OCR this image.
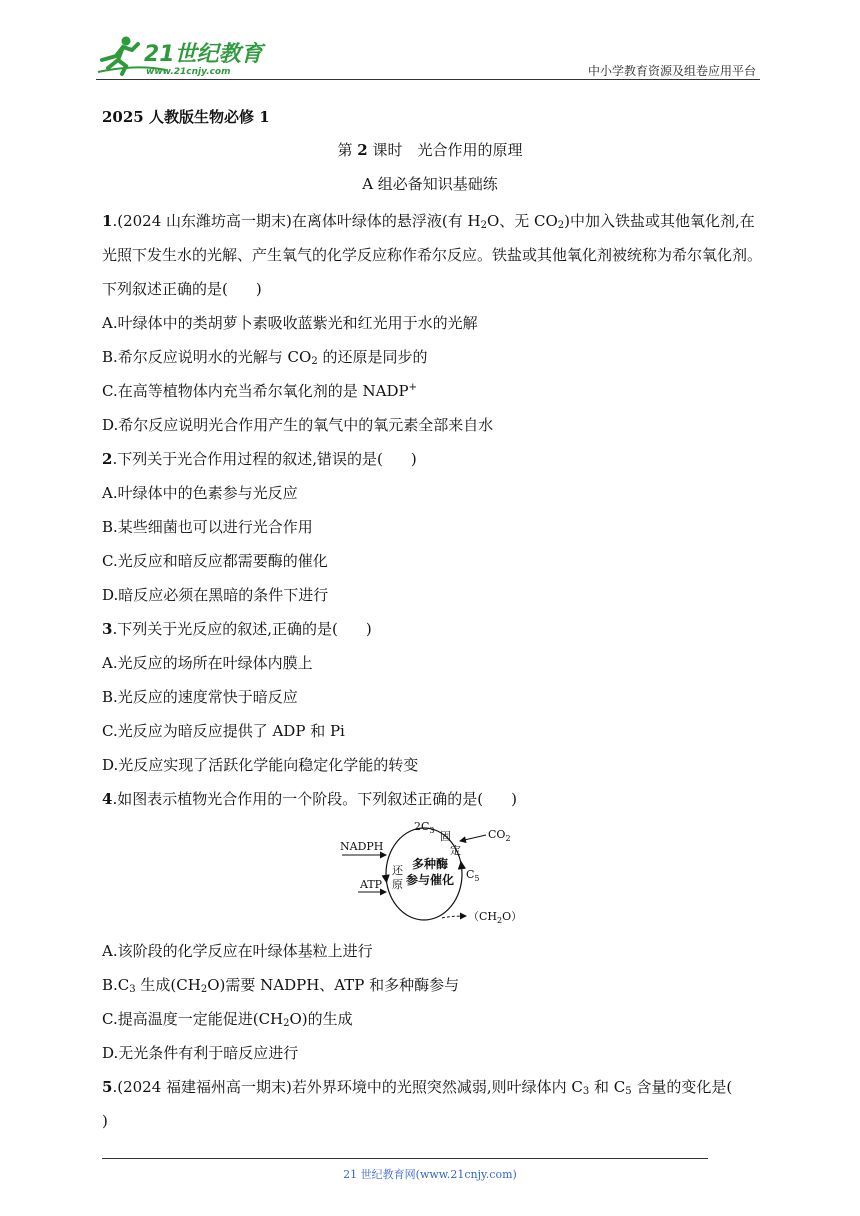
21世纪教育
www.21cnjy.com	中小学教育资源及组卷应用平台
2025 人教版生物必修 1
第 2 课时　光合作用的原理
A 组必备知识基础练

1.(2024 山东潍坊高一期末)在离体叶绿体的悬浮液(有 $H_2O$、无 $CO_2$)中加入铁盐或其他氧化剂,在光照下发生水的光解、产生氧气的化学反应称作希尔反应。铁盐或其他氧化剂被统称为希尔氧化剂。下列叙述正确的是( )

A.叶绿体中的类胡萝卜素吸收蓝紫光和红光用于水的光解

B.希尔反应说明水的光解与 $CO_2$ 的还原是同步的

C.在高等植物体内充当希尔氧化剂的是 NADP+

D.希尔反应说明光合作用产生的氧气中的氧元素全部来自水

2.下列关于光合作用过程的叙述,错误的是( )

A.叶绿体中的色素参与光反应

B.某些细菌也可以进行光合作用

C.光反应和暗反应都需要酶的催化

D.暗反应必须在黑暗的条件下进行

3.下列关于光反应的叙述,正确的是( )

A.光反应的场所在叶绿体内膜上

B.光反应的速度常快于暗反应

C.光反应为暗反应提供了 ADP 和 Pi

D.光反应实现了活跃化学能向稳定化学能的转变

4.如图表示植物光合作用的一个阶段。下列叙述正确的是( )

$2C_3$ 固
定
$CO_2$
$C_5$
NADPH
ATP
还
原
多种酶
参与催化
$(CH_2O)$

A.该阶段的化学反应在叶绿体基粒上进行

$B.C_3$ 生成$(CH_2O)$需要 NADPH、ATP 和多种酶参与

C.提高温度一定能促进$(CH_2O)$的生成

D.无光条件有利于暗反应进行

5.(2024 福建福州高一期末)若外界环境中的光照突然减弱,则叶绿体内 $C_3$ 和 $C_5$ 含量的变化是()

21 世纪教育网(www.21cnjy.com)
